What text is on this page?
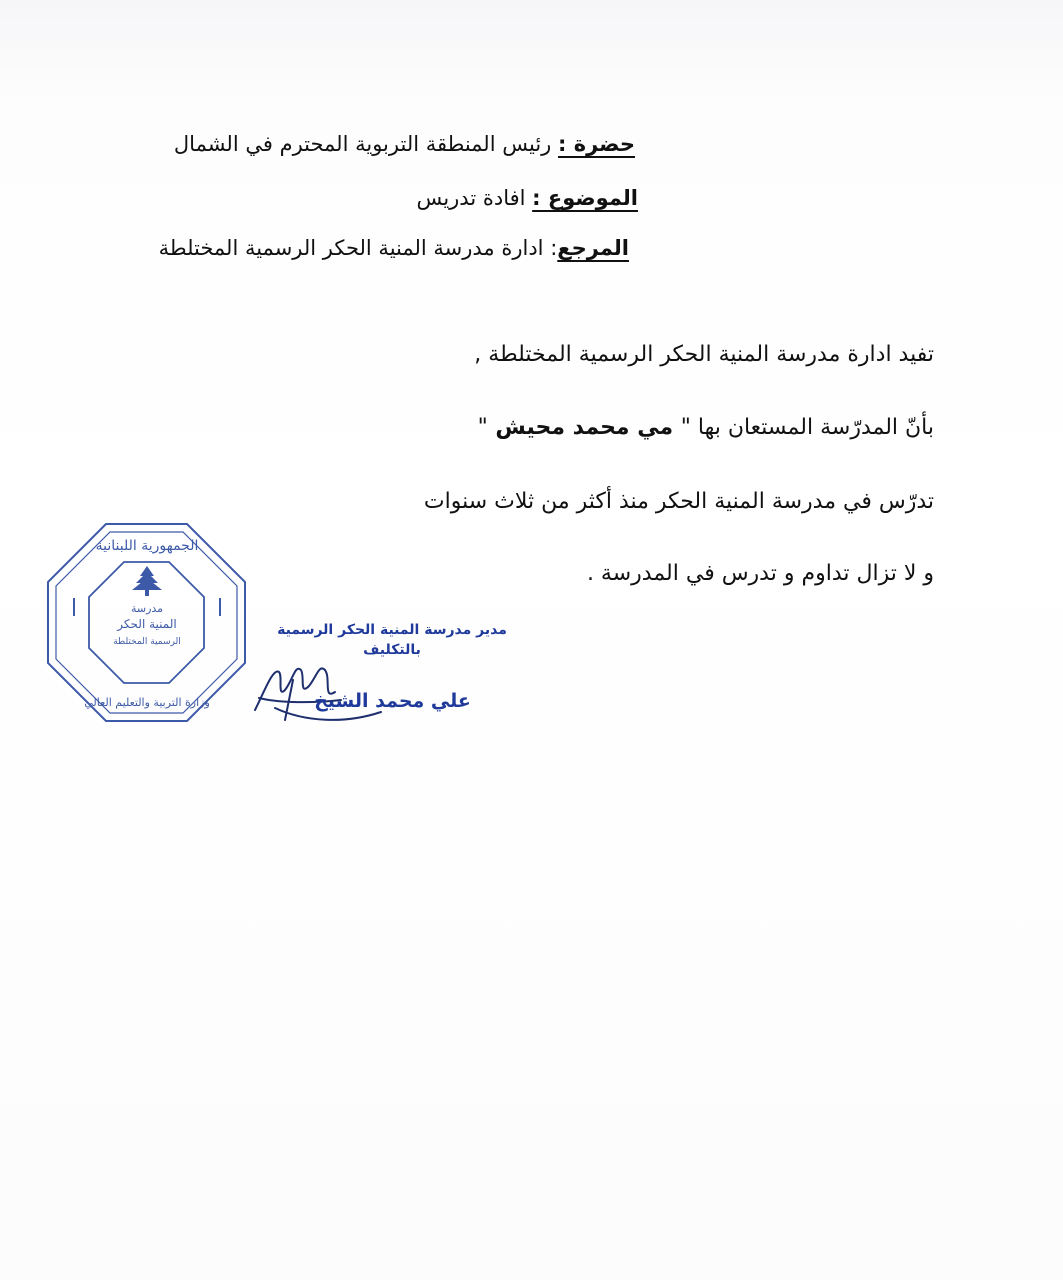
حضرة : رئيس المنطقة التربوية المحترم في الشمال
الموضوع : افادة تدريس
المرجع: ادارة مدرسة المنية الحكر الرسمية المختلطة
تفيد ادارة مدرسة المنية الحكر الرسمية المختلطة ,
بأنّ المدرّسة المستعان بها " مي محمد محيش "
تدرّس في مدرسة المنية الحكر منذ أكثر من ثلاث سنوات
و لا تزال تداوم و تدرس في المدرسة .
مدرسة
المنية الحكر
الرسمية المختلطة
الجمهورية اللبنانية
وزارة التربية والتعليم العالي
مدير مدرسة المنية الحكر الرسمية
بالتكليف
علي محمد الشيخ
